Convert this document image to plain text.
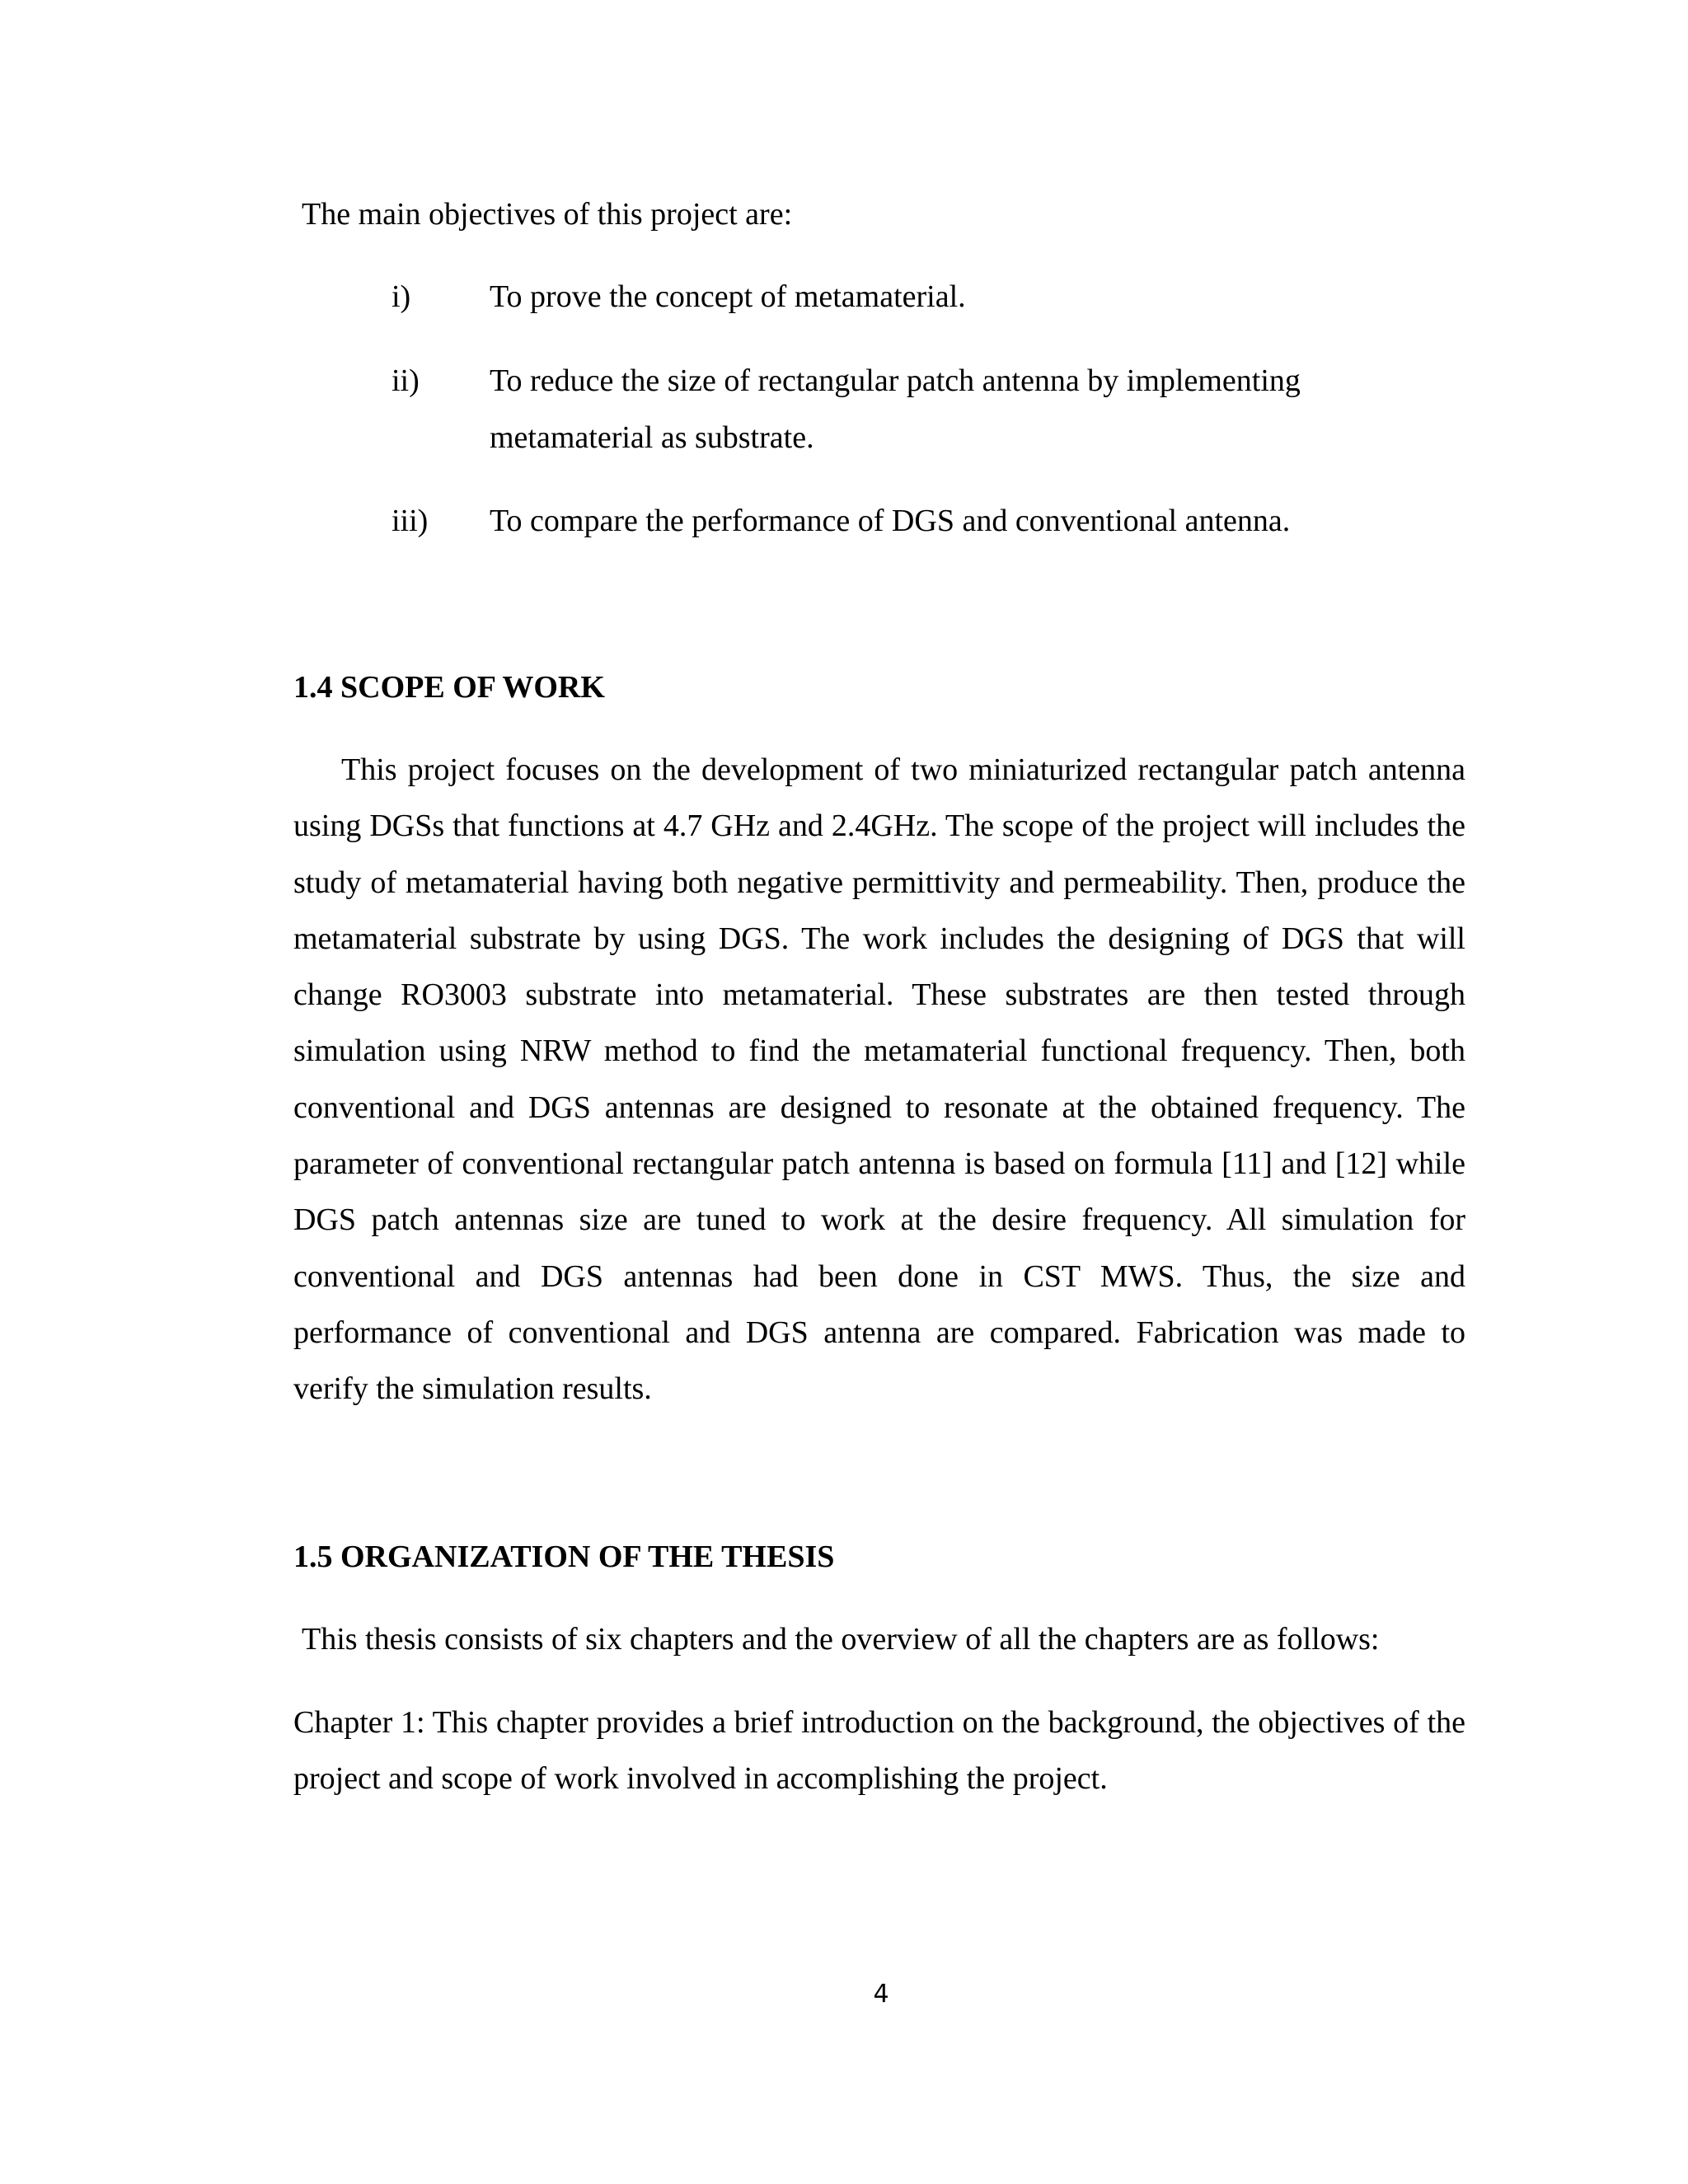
The main objectives of this project are:

i)	To prove the concept of metamaterial.
ii) To reduce the size of rectangular patch antenna by implementing
metamaterial as substrate.
iii) To compare the performance of DGS and conventional antenna.
1.4 SCOPE OF WORK

This project focuses on the development of two miniaturized rectangular patch antenna using DGSs that functions at 4.7 GHz and 2.4GHz. The scope of the project will includes the study of metamaterial having both negative permittivity and permeability. Then, produce the metamaterial substrate by using DGS. The work includes the designing of DGS that will change RO3003 substrate into metamaterial. These substrates are then tested through simulation using NRW method to find the metamaterial functional frequency. Then, both conventional and DGS antennas are designed to resonate at the obtained frequency. The parameter of conventional rectangular patch antenna is based on formula [11] and [12] while DGS patch antennas size are tuned to work at the desire frequency. All simulation for conventional and DGS antennas had been done in CST MWS. Thus, the size and performance of conventional and DGS antenna are compared. Fabrication was made to verify the simulation results.

1.5 ORGANIZATION OF THE THESIS

This thesis consists of six chapters and the overview of all the chapters are as follows:

Chapter 1: This chapter provides a brief introduction on the background, the objectives of the project and scope of work involved in accomplishing the project.

4
